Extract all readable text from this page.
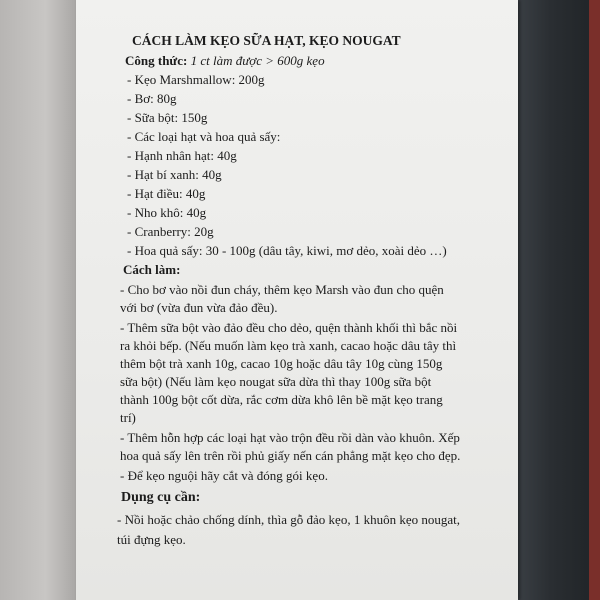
CÁCH LÀM KẸO SỮA HẠT, KẸO NOUGAT
Công thức: 1 ct làm được > 600g kẹo
- Kẹo Marshmallow: 200g
- Bơ: 80g
- Sữa bột: 150g
- Các loại hạt và hoa quả sấy:
- Hạnh nhân hạt: 40g
- Hạt bí xanh: 40g
- Hạt điều: 40g
- Nho khô: 40g
- Cranberry: 20g
- Hoa quả sấy: 30 - 100g (dâu tây, kiwi, mơ dẻo, xoài dẻo …)
Cách làm:
- Cho bơ vào nồi đun cháy, thêm kẹo Marsh vào đun cho quện
với bơ (vừa đun vừa đảo đều).
- Thêm sữa bột vào đảo đều cho dẻo, quện thành khối thì bắc nồi
ra khỏi bếp. (Nếu muốn làm kẹo trà xanh, cacao hoặc dâu tây thì
thêm bột trà xanh 10g, cacao 10g hoặc dâu tây 10g cùng 150g
sữa bột) (Nếu làm kẹo nougat sữa dừa thì thay 100g sữa bột
thành 100g bột cốt dừa, rắc cơm dừa khô lên bề mặt kẹo trang
trí)
- Thêm hỗn hợp các loại hạt vào trộn đều rồi dàn vào khuôn. Xếp
hoa quả sấy lên trên rồi phủ giấy nến cán phẳng mặt kẹo cho đẹp.
- Để kẹo nguội hãy cắt và đóng gói kẹo.
Dụng cụ cần:
- Nồi hoặc chảo chống dính, thìa gỗ đảo kẹo, 1 khuôn kẹo nougat,
túi đựng kẹo.
